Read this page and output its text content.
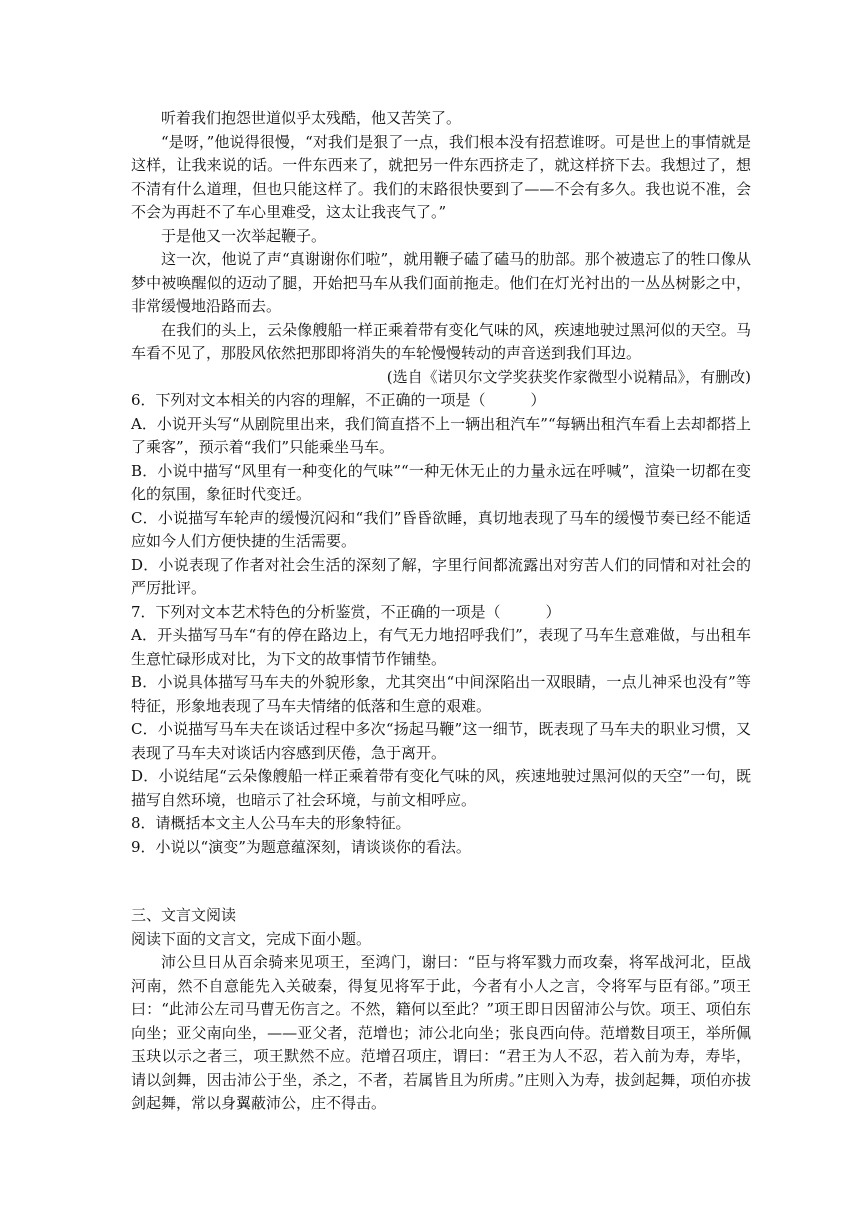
听着我们抱怨世道似乎太残酷，他又苦笑了。

“是呀，”他说得很慢，“对我们是狠了一点，我们根本没有招惹谁呀。可是世上的事情就是这样，让我来说的话。一件东西来了，就把另一件东西挤走了，就这样挤下去。我想过了，想不清有什么道理，但也只能这样了。我们的末路很快要到了——不会有多久。我也说不准，会不会为再赶不了车心里难受，这太让我丧气了。”

于是他又一次举起鞭子。

这一次，他说了声“真谢谢你们啦”，就用鞭子磕了磕马的肋部。那个被遗忘了的牲口像从梦中被唤醒似的迈动了腿，开始把马车从我们面前拖走。他们在灯光衬出的一丛丛树影之中，非常缓慢地沿路而去。

在我们的头上，云朵像艘船一样正乘着带有变化气味的风，疾速地驶过黑河似的天空。马车看不见了，那股风依然把那即将消失的车轮慢慢转动的声音送到我们耳边。

(选自《诺贝尔文学奖获奖作家微型小说精品》，有删改)

6．下列对文本相关的内容的理解，不正确的一项是（　　　）

A．小说开头写“从剧院里出来，我们简直搭不上一辆出租汽车”“每辆出租汽车看上去却都搭上了乘客”，预示着“我们”只能乘坐马车。

B．小说中描写“风里有一种变化的气味”“一种无休无止的力量永远在呼喊”，渲染一切都在变化的氛围，象征时代变迁。

C．小说描写车轮声的缓慢沉闷和“我们”昏昏欲睡，真切地表现了马车的缓慢节奏已经不能适应如今人们方便快捷的生活需要。

D．小说表现了作者对社会生活的深刻了解，字里行间都流露出对穷苦人们的同情和对社会的严厉批评。

7．下列对文本艺术特色的分析鉴赏，不正确的一项是（　　　）

A．开头描写马车“有的停在路边上，有气无力地招呼我们”，表现了马车生意难做，与出租车生意忙碌形成对比，为下文的故事情节作铺垫。

B．小说具体描写马车夫的外貌形象，尤其突出“中间深陷出一双眼睛，一点儿神采也没有”等特征，形象地表现了马车夫情绪的低落和生意的艰难。

C．小说描写马车夫在谈话过程中多次“扬起马鞭”这一细节，既表现了马车夫的职业习惯，又表现了马车夫对谈话内容感到厌倦，急于离开。

D．小说结尾“云朵像艘船一样正乘着带有变化气味的风，疾速地驶过黑河似的天空”一句，既描写自然环境，也暗示了社会环境，与前文相呼应。

8．请概括本文主人公马车夫的形象特征。

9．小说以“演变”为题意蕴深刻，请谈谈你的看法。

三、文言文阅读

阅读下面的文言文，完成下面小题。

沛公旦日从百余骑来见项王，至鸿门，谢曰：“臣与将军戮力而攻秦，将军战河北，臣战河南，然不自意能先入关破秦，得复见将军于此，今者有小人之言，令将军与臣有郤。”项王曰：“此沛公左司马曹无伤言之。不然，籍何以至此？”项王即日因留沛公与饮。项王、项伯东向坐；亚父南向坐，——亚父者，范增也；沛公北向坐；张良西向侍。范增数目项王，举所佩玉玦以示之者三，项王默然不应。范增召项庄，谓曰：“君王为人不忍，若入前为寿，寿毕，请以剑舞，因击沛公于坐，杀之，不者，若属皆且为所虏。”庄则入为寿，拔剑起舞，项伯亦拔剑起舞，常以身翼蔽沛公，庄不得击。
